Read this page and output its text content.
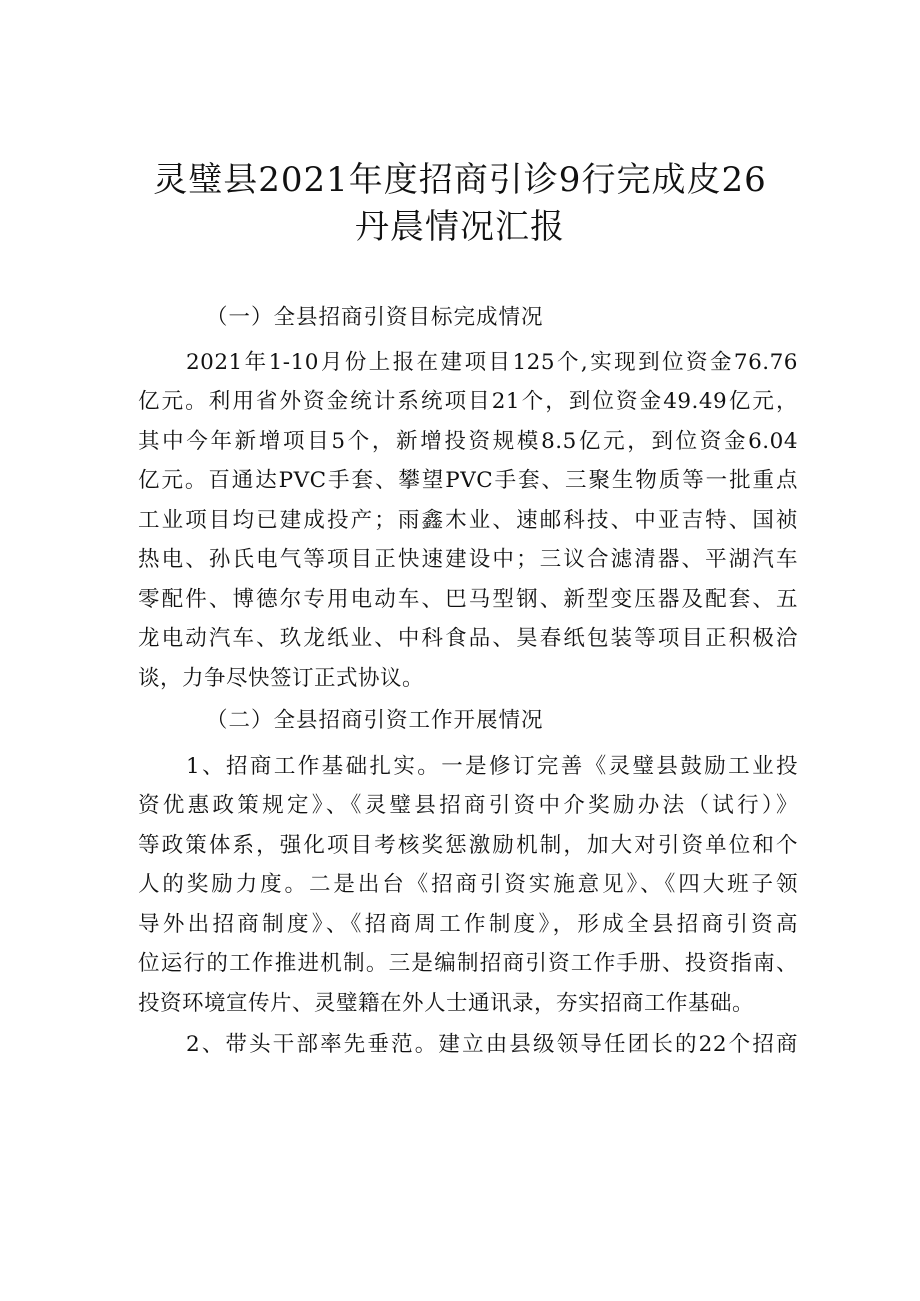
灵璧县2021年度招商引诊9行完成皮26
丹晨情况汇报
（一）全县招商引资目标完成情况
2021年1-10月份上报在建项目125个,实现到位资金76.76
亿元。利用省外资金统计系统项目21个，到位资金49.49亿元，
其中今年新增项目5个，新增投资规模8.5亿元，到位资金6.04
亿元。百通达PVC手套、攀望PVC手套、三聚生物质等一批重点
工业项目均已建成投产；雨鑫木业、速邮科技、中亚吉特、国祯
热电、孙氏电气等项目正快速建设中；三议合滤清器、平湖汽车
零配件、博德尔专用电动车、巴马型钢、新型变压器及配套、五
龙电动汽车、玖龙纸业、中科食品、昊春纸包装等项目正积极洽
谈，力争尽快签订正式协议。
（二）全县招商引资工作开展情况
1、招商工作基础扎实。一是修订完善《灵璧县鼓励工业投
资优惠政策规定》、《灵璧县招商引资中介奖励办法（试行）》
等政策体系，强化项目考核奖惩激励机制，加大对引资单位和个
人的奖励力度。二是出台《招商引资实施意见》、《四大班子领
导外出招商制度》、《招商周工作制度》，形成全县招商引资高
位运行的工作推进机制。三是编制招商引资工作手册、投资指南、
投资环境宣传片、灵璧籍在外人士通讯录，夯实招商工作基础。
2、带头干部率先垂范。建立由县级领导任团长的22个招商
